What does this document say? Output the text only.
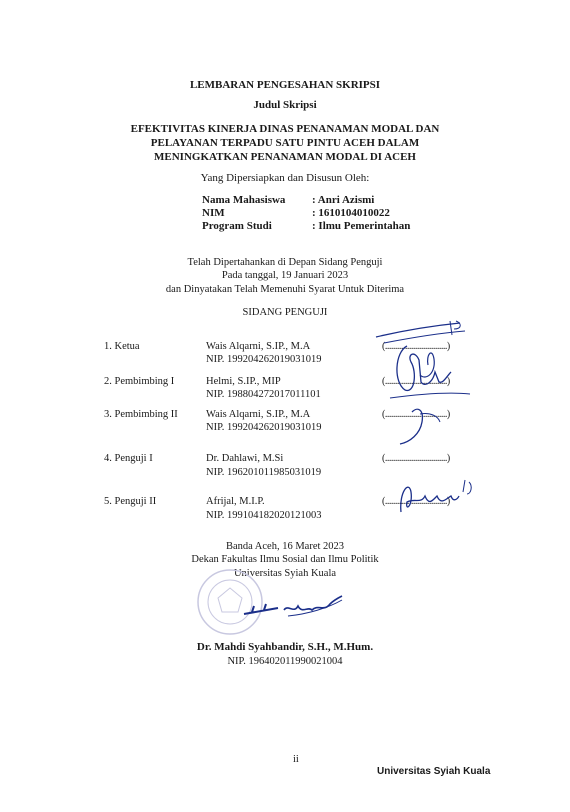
LEMBARAN PENGESAHAN SKRIPSI
Judul Skripsi
EFEKTIVITAS KINERJA DINAS PENANAMAN MODAL DAN
PELAYANAN TERPADU SATU PINTU ACEH DALAM
MENINGKATKAN PENANAMAN MODAL DI ACEH
Yang Dipersiapkan dan Disusun Oleh:
Nama Mahasiswa : Anri Azismi
NIM	: 1610104010022
Program Studi	: Ilmu Pemerintahan
Telah Dipertahankan di Depan Sidang Penguji
Pada tanggal, 19 Januari 2023
dan Dinyatakan Telah Memenuhi Syarat Untuk Diterima
SIDANG PENGUJI
1. Ketua	Wais Alqarni, S.IP., M.A
NIP. 199204262019031019
(...............................)
2. Pembimbing I	Helmi, S.IP., MIP
NIP. 198804272017011101
(...............................)
3. Pembimbing II	Wais Alqarni, S.IP., M.A
NIP. 199204262019031019
(...............................)
4. Penguji I	Dr. Dahlawi, M.Si
NIP. 196201011985031019
(...............................)
5. Penguji II	Afrijal, M.I.P.
NIP. 199104182020121003
(...............................)
Banda Aceh, 16 Maret 2023
Dekan Fakultas Ilmu Sosial dan Ilmu Politik
Universitas Syiah Kuala
Dr. Mahdi Syahbandir, S.H., M.Hum.
NIP. 196402011990021004
ii
Universitas Syiah Kuala
